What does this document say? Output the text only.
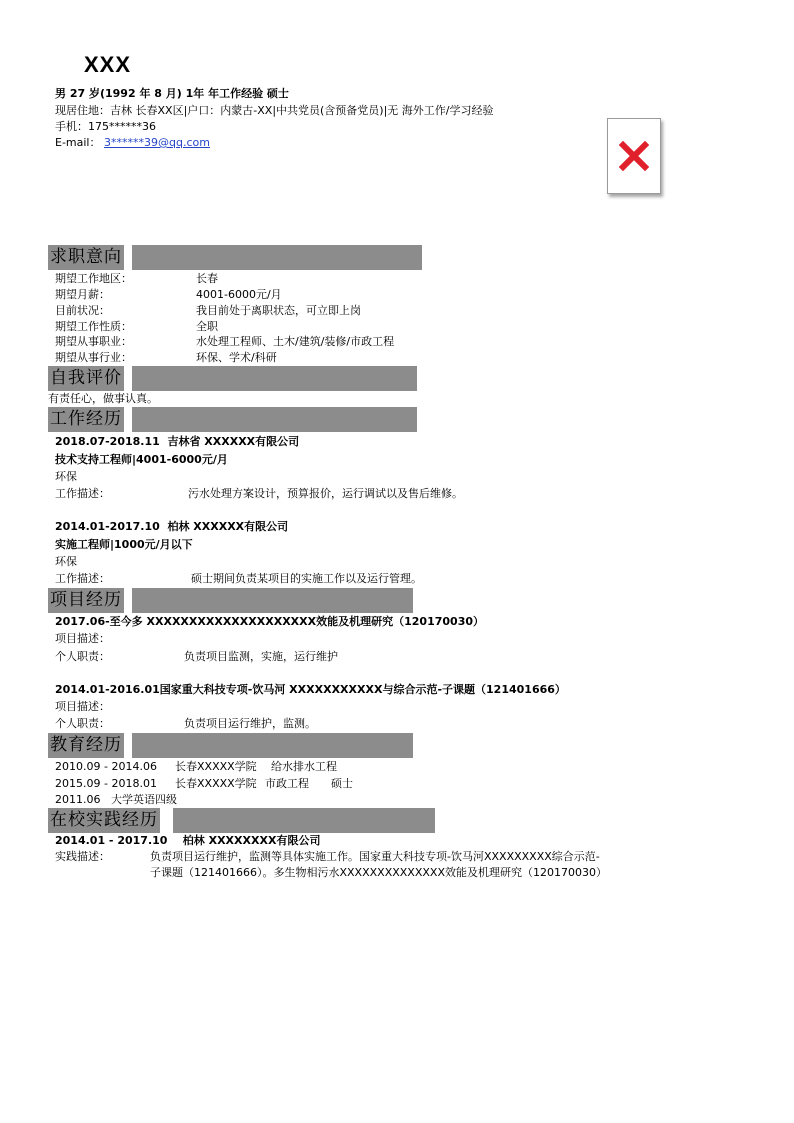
XXX
男 27 岁(1992 年 8 月) 1年 年工作经验 硕士
现居住地：吉林 长春XX区|户口：内蒙古-XX|中共党员(含预备党员)|无 海外工作/学习经验
手机：175******36
E-mail： 3******39@qq.com
求职意向
期望工作地区：	长春
期望月薪：	4001-6000元/月
目前状况：	我目前处于离职状态，可立即上岗
期望工作性质：	全职
期望从事职业：	水处理工程师、土木/建筑/装修/市政工程
期望从事行业：	环保、学术/科研
自我评价
有责任心，做事认真。
工作经历
2018.07-2018.11 吉林省 XXXXXX有限公司
技术支持工程师|4001-6000元/月
环保
工作描述：	污水处理方案设计，预算报价，运行调试以及售后维修。
2014.01-2017.10 柏林 XXXXXX有限公司
实施工程师|1000元/月以下
环保
工作描述：	硕士期间负责某项目的实施工作以及运行管理。
项目经历
2017.06-至今多 XXXXXXXXXXXXXXXXXXXX效能及机理研究（120170030）
项目描述：
个人职责：	负责项目监测，实施，运行维护
2014.01-2016.01国家重大科技专项-饮马河 XXXXXXXXXXX与综合示范-子课题（121401666）
项目描述：
个人职责：	负责项目运行维护，监测。
教育经历
2010.09 - 2014.06 长春XXXXX学院 给水排水工程
2015.09 - 2018.01 长春XXXXX学院 市政工程 硕士
2011.06 大学英语四级
在校实践经历
2014.01 - 2017.10 柏林 XXXXXXXX有限公司
实践描述：	负责项目运行维护，监测等具体实施工作。国家重大科技专项-饮马河XXXXXXXXX综合示范-
子课题（121401666）。多生物相污水XXXXXXXXXXXXXX效能及机理研究（120170030）
